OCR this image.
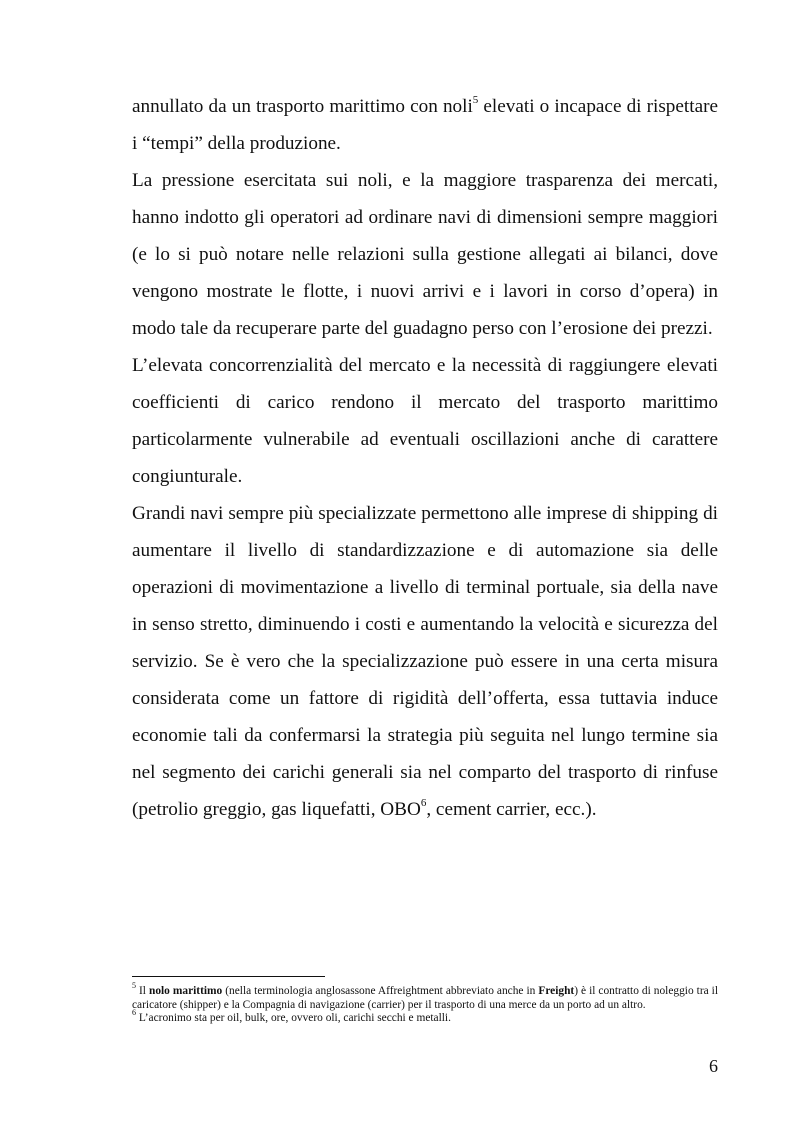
annullato da un trasporto marittimo con noli$^5$ elevati o incapace di rispettare i “tempi” della produzione.

La pressione esercitata sui noli, e la maggiore trasparenza dei mercati, hanno indotto gli operatori ad ordinare navi di dimensioni sempre maggiori (e lo si può notare nelle relazioni sulla gestione allegati ai bilanci, dove vengono mostrate le flotte, i nuovi arrivi e i lavori in corso d’opera) in modo tale da recuperare parte del guadagno perso con l’erosione dei prezzi.

L’elevata concorrenzialità del mercato e la necessità di raggiungere elevati coefficienti di carico rendono il mercato del trasporto marittimo particolarmente vulnerabile ad eventuali oscillazioni anche di carattere congiunturale.

Grandi navi sempre più specializzate permettono alle imprese di shipping di aumentare il livello di standardizzazione e di automazione sia delle operazioni di movimentazione a livello di terminal portuale, sia della nave in senso stretto, diminuendo i costi e aumentando la velocità e sicurezza del servizio. Se è vero che la specializzazione può essere in una certa misura considerata come un fattore di rigidità dell’offerta, essa tuttavia induce economie tali da confermarsi la strategia più seguita nel lungo termine sia nel segmento dei carichi generali sia nel comparto del trasporto di rinfuse (petrolio greggio, gas liquefatti, OBO$^6$, cement carrier, ecc.).

$^5$ Il nolo marittimo (nella terminologia anglosassone Affreightment abbreviato anche in Freight) è il contratto di noleggio tra il caricatore (shipper) e la Compagnia di navigazione (carrier) per il trasporto di una merce da un porto ad un altro.

$^6$ L’acronimo sta per oil, bulk, ore, ovvero oli, carichi secchi e metalli.

6
